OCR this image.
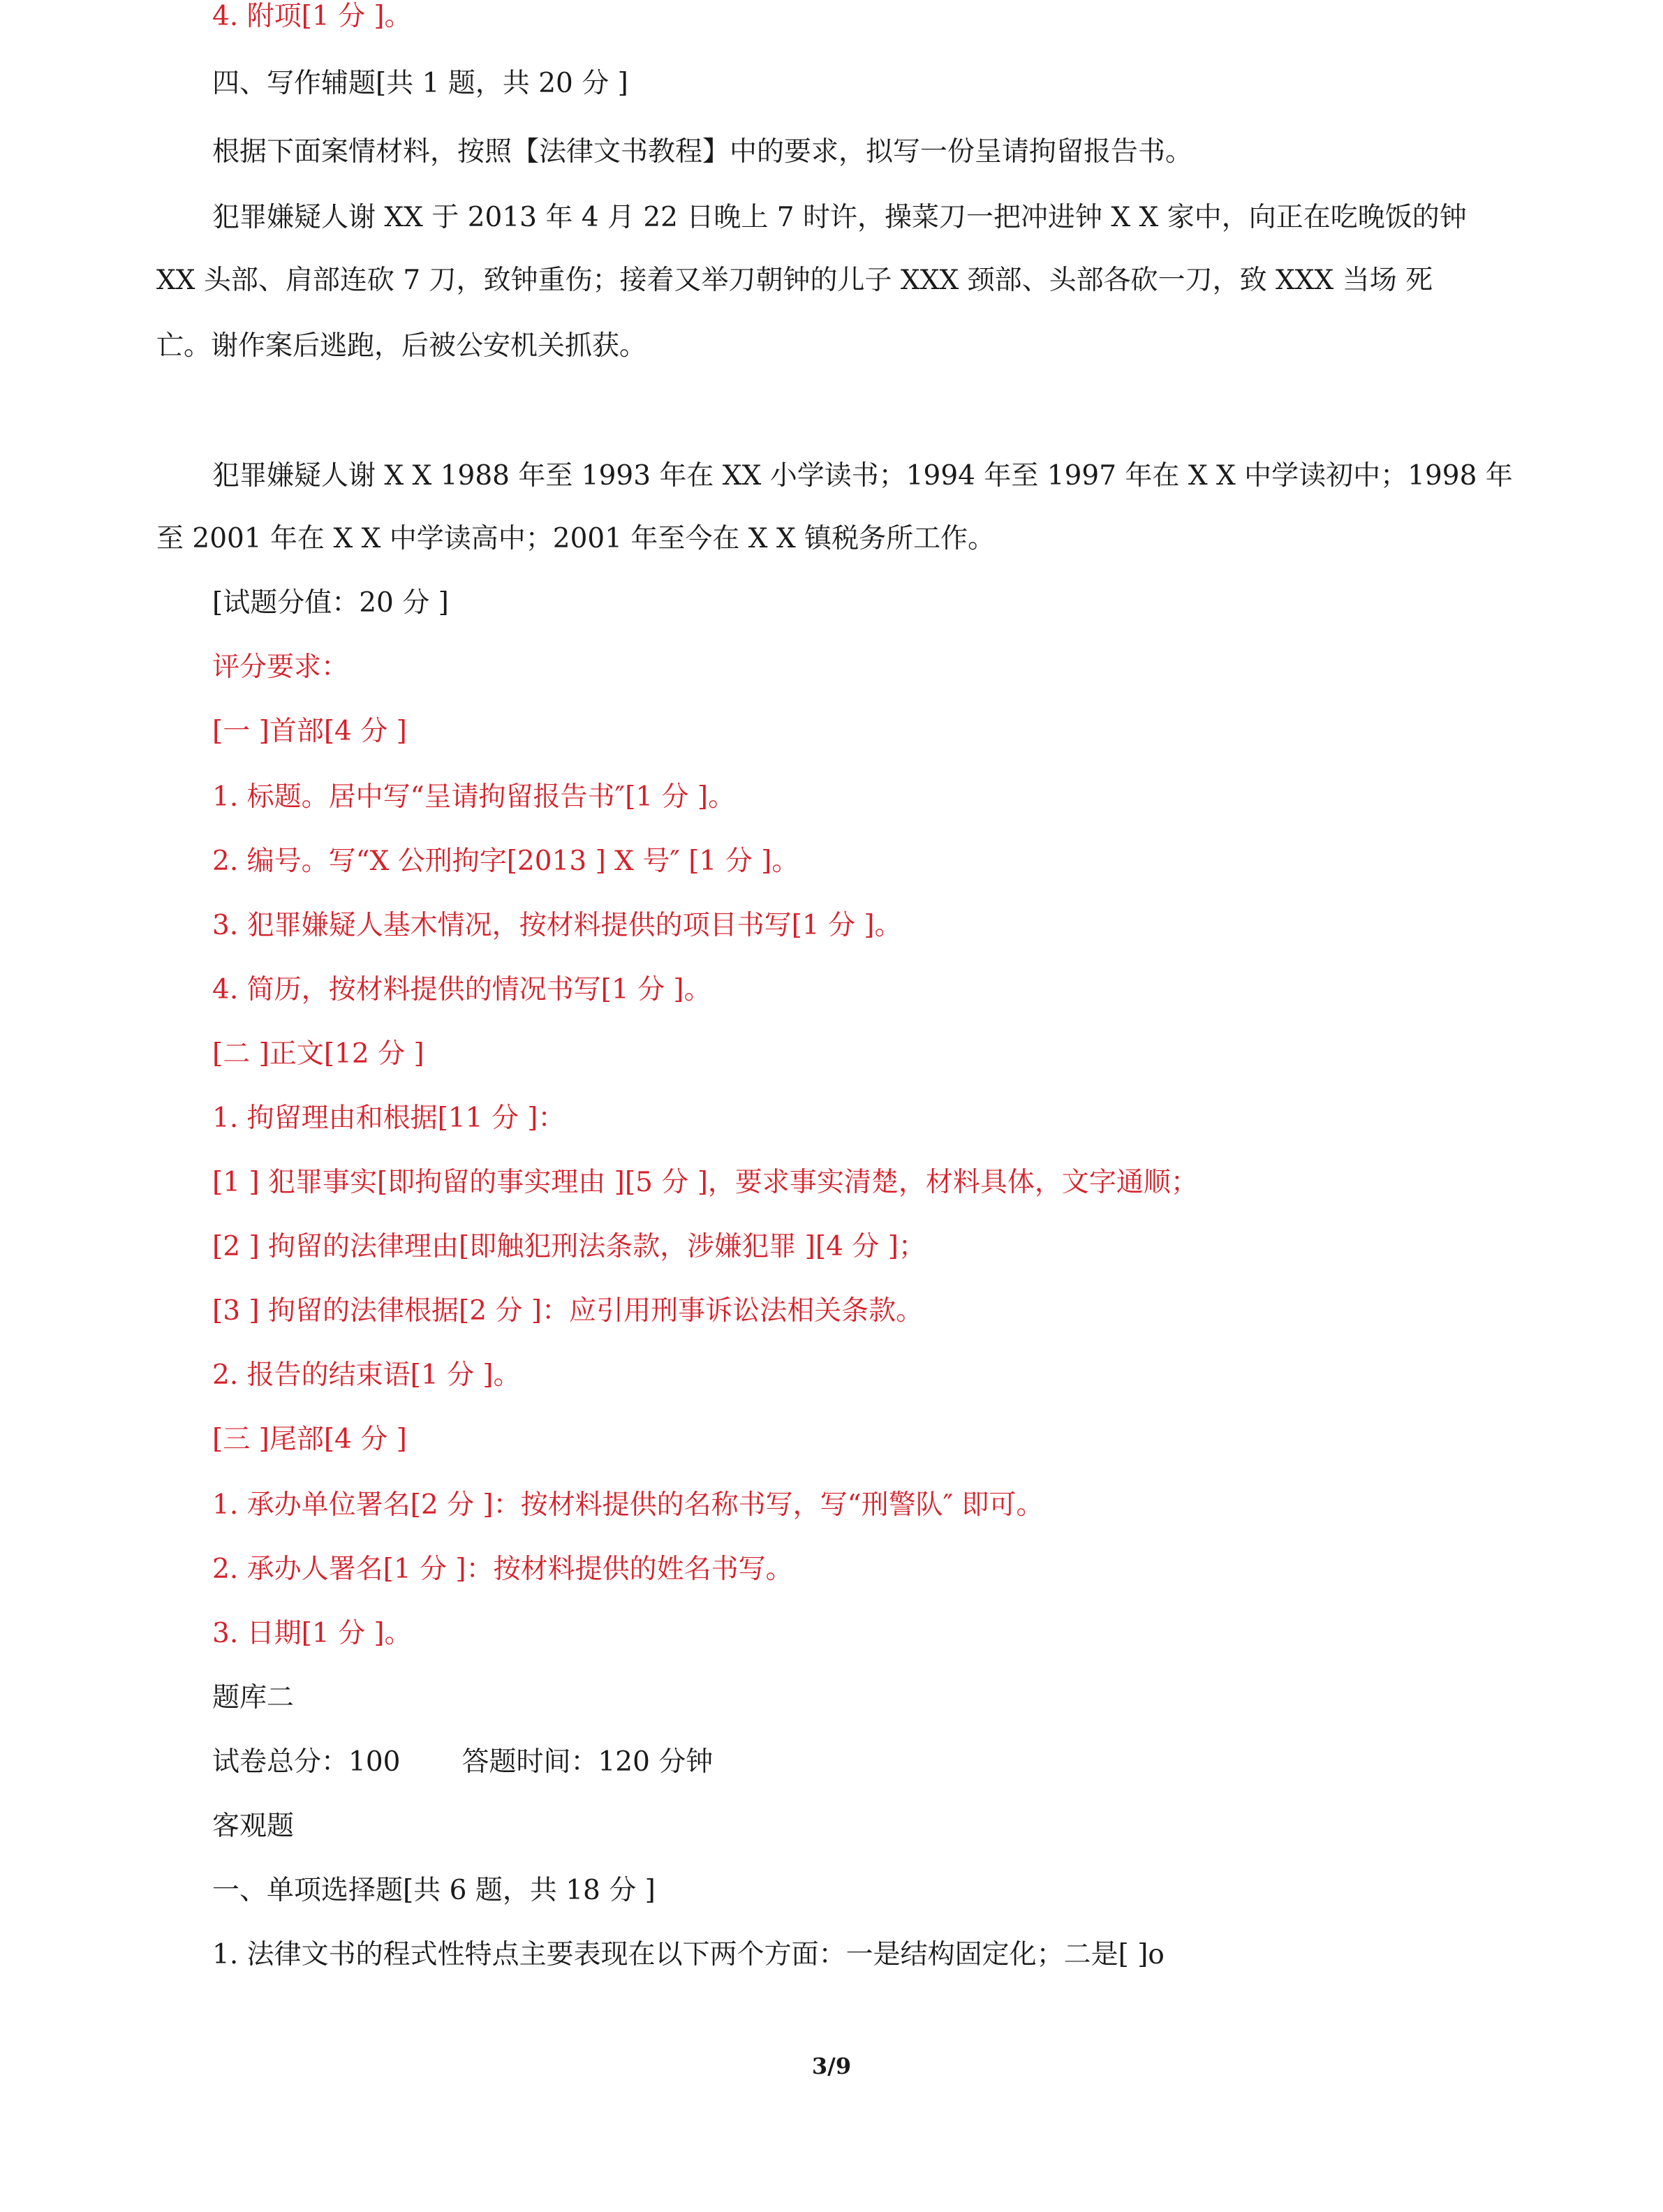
4. 附项[1 分 ]。
四、写作辅题[共 1 题，共 20 分 ]
根据下面案情材料，按照【法律文书教程】中的要求，拟写一份呈请拘留报告书。
犯罪嫌疑人谢 XX 于 2013 年 4 月 22 日晚上 7 时许，操菜刀一把冲进钟 X X 家中，向正在吃晚饭的钟
XX 头部、肩部连砍 7 刀，致钟重伤；接着又举刀朝钟的儿子 XXX 颈部、头部各砍一刀，致 XXX 当场 死
亡。谢作案后逃跑，后被公安机关抓获。
犯罪嫌疑人谢 X X 1988 年至 1993 年在 XX 小学读书；1994 年至 1997 年在 X X 中学读初中；1998 年
至 2001 年在 X X 中学读高中；2001 年至今在 X X 镇税务所工作。
[试题分值：20 分 ]
评分要求：
[一 ]首部[4 分 ]
1. 标题。居中写“呈请拘留报告书″[1 分 ]。
2. 编号。写“X 公刑拘字[2013 ] X 号″ [1 分 ]。
3. 犯罪嫌疑人基木情况，按材料提供的项目书写[1 分 ]。
4. 简历，按材料提供的情况书写[1 分 ]。
[二 ]正文[12 分 ]
1. 拘留理由和根据[11 分 ]：
[1 ] 犯罪事实[即拘留的事实理由 ][5 分 ]，要求事实清楚，材料具体，文字通顺；
[2 ] 拘留的法律理由[即触犯刑法条款，涉嫌犯罪 ][4 分 ]；
[3 ] 拘留的法律根据[2 分 ]：应引用刑事诉讼法相关条款。
2. 报告的结束语[1 分 ]。
[三 ]尾部[4 分 ]
1. 承办单位署名[2 分 ]：按材料提供的名称书写，写“刑警队″ 即可。
2. 承办人署名[1 分 ]：按材料提供的姓名书写。
3. 日期[1 分 ]。
题库二
试卷总分：100 答题时间：120 分钟
客观题
一、单项选择题[共 6 题，共 18 分 ]
1. 法律文书的程式性特点主要表现在以下两个方面：一是结构固定化；二是[ ]o
3/9
